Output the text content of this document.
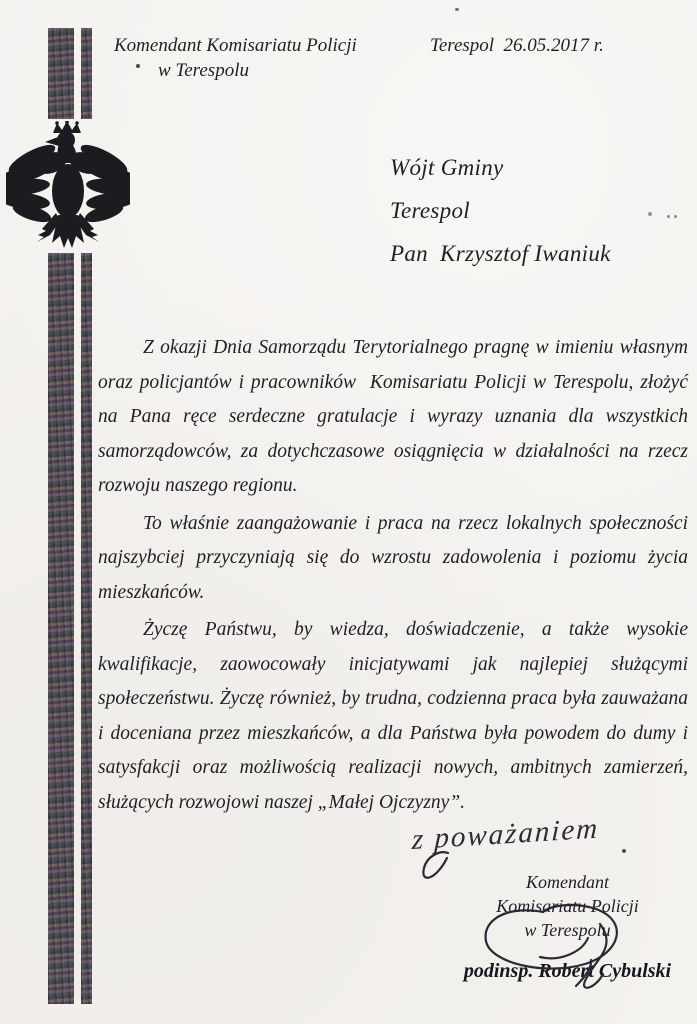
Komendant Komisariatu Policji
w Terespolu
Terespol  26.05.2017 r.
Wójt Gminy
Terespol
Pan  Krzysztof Iwaniuk

Z okazji Dnia Samorządu Terytorialnego pragnę w imieniu własnym oraz policjantów i pracowników  Komisariatu Policji w Terespolu, złożyć na Pana ręce serdeczne gratulacje i wyrazy uznania dla wszystkich samorządowców, za dotychczasowe osiągnięcia w działalności na rzecz rozwoju naszego regionu.

To właśnie zaangażowanie i praca na rzecz lokalnych społeczności najszybciej przyczyniają się do wzrostu zadowolenia i poziomu życia mieszkańców.

Życzę Państwu, by wiedza, doświadczenie, a także wysokie kwalifikacje, zaowocowały inicjatywami jak najlepiej służącymi społeczeństwu. Życzę również, by trudna, codzienna praca była zauważana i doceniana przez mieszkańców, a dla Państwa była powodem do dumy i satysfakcji oraz możliwością realizacji nowych, ambitnych zamierzeń, służących rozwojowi naszej „Małej Ojczyzny”.

z poważaniem
Komendant
Komisariatu Policji
w Terespolu
podinsp. Robert Cybulski
